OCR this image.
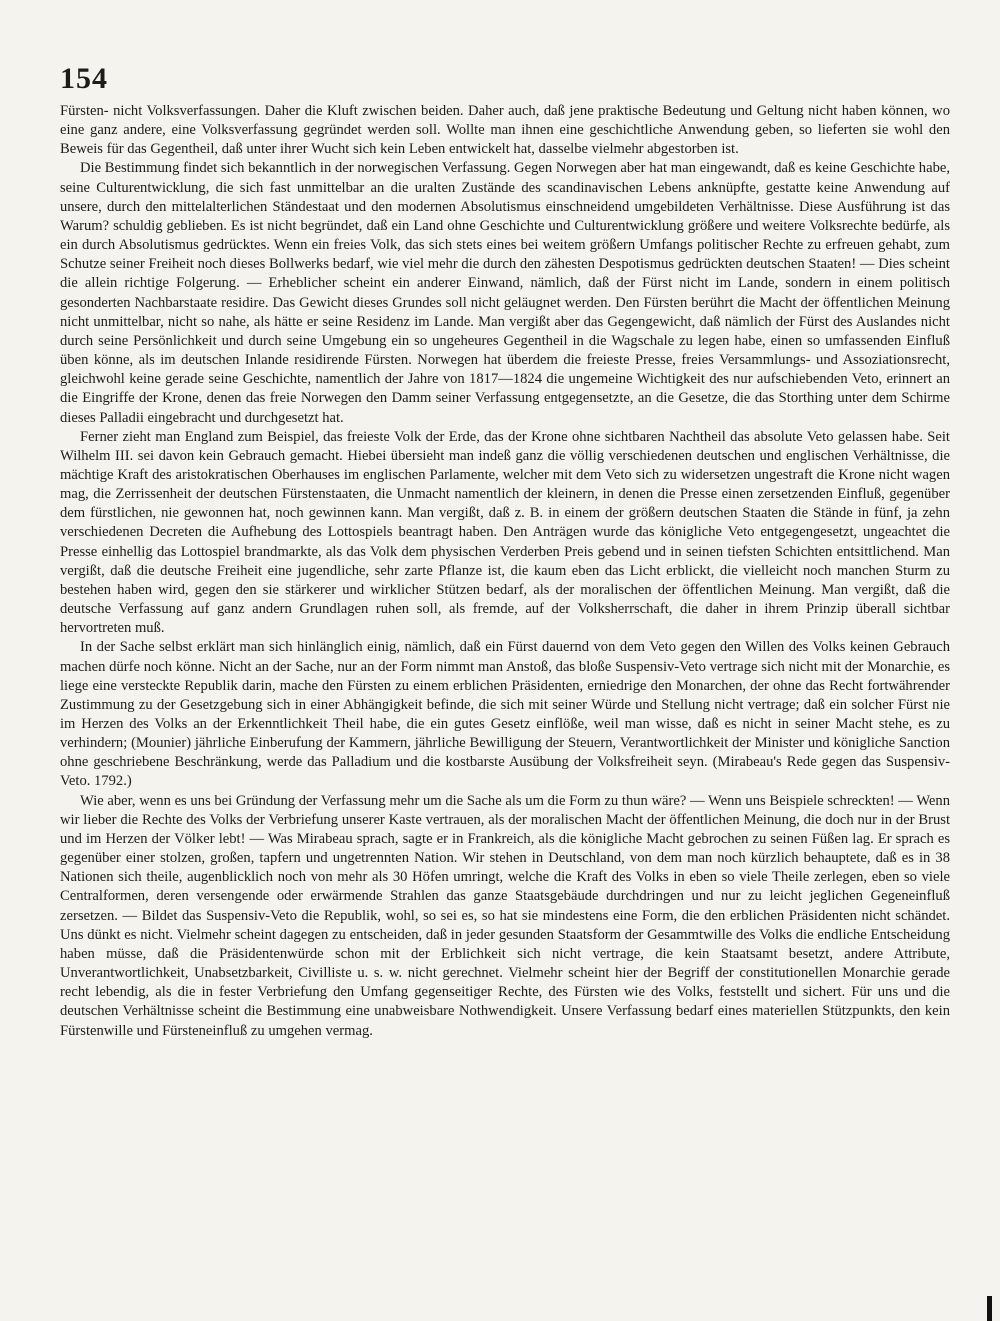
154

Fürsten- nicht Volksverfassungen. Daher die Kluft zwischen beiden. Daher auch, daß jene praktische Bedeutung und Geltung nicht haben können, wo eine ganz andere, eine Volksverfassung gegründet werden soll. Wollte man ihnen eine geschichtliche Anwendung geben, so lieferten sie wohl den Beweis für das Gegentheil, daß unter ihrer Wucht sich kein Leben entwickelt hat, dasselbe vielmehr abgestorben ist.

Die Bestimmung findet sich bekanntlich in der norwegischen Verfassung. Gegen Norwegen aber hat man eingewandt, daß es keine Geschichte habe, seine Culturentwicklung, die sich fast unmittelbar an die uralten Zustände des scandinavischen Lebens anknüpfte, gestatte keine Anwendung auf unsere, durch den mittelalterlichen Ständestaat und den modernen Absolutismus einschneidend umgebildeten Verhältnisse. Diese Ausführung ist das Warum? schuldig geblieben. Es ist nicht begründet, daß ein Land ohne Geschichte und Culturentwicklung größere und weitere Volksrechte bedürfe, als ein durch Absolutismus gedrücktes. Wenn ein freies Volk, das sich stets eines bei weitem größern Umfangs politischer Rechte zu erfreuen gehabt, zum Schutze seiner Freiheit noch dieses Bollwerks bedarf, wie viel mehr die durch den zähesten Despotismus gedrückten deutschen Staaten! — Dies scheint die allein richtige Folgerung. — Erheblicher scheint ein anderer Einwand, nämlich, daß der Fürst nicht im Lande, sondern in einem politisch gesonderten Nachbarstaate residire. Das Gewicht dieses Grundes soll nicht geläugnet werden. Den Fürsten berührt die Macht der öffentlichen Meinung nicht unmittelbar, nicht so nahe, als hätte er seine Residenz im Lande. Man vergißt aber das Gegengewicht, daß nämlich der Fürst des Auslandes nicht durch seine Persönlichkeit und durch seine Umgebung ein so ungeheures Gegentheil in die Wagschale zu legen habe, einen so umfassenden Einfluß üben könne, als im deutschen Inlande residirende Fürsten. Norwegen hat überdem die freieste Presse, freies Versammlungs- und Assoziationsrecht, gleichwohl keine gerade seine Geschichte, namentlich der Jahre von 1817—1824 die ungemeine Wichtigkeit des nur aufschiebenden Veto, erinnert an die Eingriffe der Krone, denen das freie Norwegen den Damm seiner Verfassung entgegensetzte, an die Gesetze, die das Storthing unter dem Schirme dieses Palladii eingebracht und durchgesetzt hat.

Ferner zieht man England zum Beispiel, das freieste Volk der Erde, das der Krone ohne sichtbaren Nachtheil das absolute Veto gelassen habe. Seit Wilhelm III. sei davon kein Gebrauch gemacht. Hiebei übersieht man indeß ganz die völlig verschiedenen deutschen und englischen Verhältnisse, die mächtige Kraft des aristokratischen Oberhauses im englischen Parlamente, welcher mit dem Veto sich zu widersetzen ungestraft die Krone nicht wagen mag, die Zerrissenheit der deutschen Fürstenstaaten, die Unmacht namentlich der kleinern, in denen die Presse einen zersetzenden Einfluß, gegenüber dem fürstlichen, nie gewonnen hat, noch gewinnen kann. Man vergißt, daß z. B. in einem der größern deutschen Staaten die Stände in fünf, ja zehn verschiedenen Decreten die Aufhebung des Lottospiels beantragt haben. Den Anträgen wurde das königliche Veto entgegengesetzt, ungeachtet die Presse einhellig das Lottospiel brandmarkte, als das Volk dem physischen Verderben Preis gebend und in seinen tiefsten Schichten entsittlichend. Man vergißt, daß die deutsche Freiheit eine jugendliche, sehr zarte Pflanze ist, die kaum eben das Licht erblickt, die vielleicht noch manchen Sturm zu bestehen haben wird, gegen den sie stärkerer und wirklicher Stützen bedarf, als der moralischen der öffentlichen Meinung. Man vergißt, daß die deutsche Verfassung auf ganz andern Grundlagen ruhen soll, als fremde, auf der Volksherrschaft, die daher in ihrem Prinzip überall sichtbar hervortreten muß.

In der Sache selbst erklärt man sich hinlänglich einig, nämlich, daß ein Fürst dauernd von dem Veto gegen den Willen des Volks keinen Gebrauch machen dürfe noch könne. Nicht an der Sache, nur an der Form nimmt man Anstoß, das bloße Suspensiv-Veto vertrage sich nicht mit der Monarchie, es liege eine versteckte Republik darin, mache den Fürsten zu einem erblichen Präsidenten, erniedrige den Monarchen, der ohne das Recht fortwährender Zustimmung zu der Gesetzgebung sich in einer Abhängigkeit befinde, die sich mit seiner Würde und Stellung nicht vertrage; daß ein solcher Fürst nie im Herzen des Volks an der Erkenntlichkeit Theil habe, die ein gutes Gesetz einflöße, weil man wisse, daß es nicht in seiner Macht stehe, es zu verhindern; (Mounier) jährliche Einberufung der Kammern, jährliche Bewilligung der Steuern, Verantwortlichkeit der Minister und königliche Sanction ohne geschriebene Beschränkung, werde das Palladium und die kostbarste Ausübung der Volksfreiheit seyn. (Mirabeau's Rede gegen das Suspensiv-Veto. 1792.)

Wie aber, wenn es uns bei Gründung der Verfassung mehr um die Sache als um die Form zu thun wäre? — Wenn uns Beispiele schreckten! — Wenn wir lieber die Rechte des Volks der Verbriefung unserer Kaste vertrauen, als der moralischen Macht der öffentlichen Meinung, die doch nur in der Brust und im Herzen der Völker lebt! — Was Mirabeau sprach, sagte er in Frankreich, als die königliche Macht gebrochen zu seinen Füßen lag. Er sprach es gegenüber einer stolzen, großen, tapfern und ungetrennten Nation. Wir stehen in Deutschland, von dem man noch kürzlich behauptete, daß es in 38 Nationen sich theile, augenblicklich noch von mehr als 30 Höfen umringt, welche die Kraft des Volks in eben so viele Theile zerlegen, eben so viele Centralformen, deren versengende oder erwärmende Strahlen das ganze Staatsgebäude durchdringen und nur zu leicht jeglichen Gegeneinfluß zersetzen. — Bildet das Suspensiv-Veto die Republik, wohl, so sei es, so hat sie mindestens eine Form, die den erblichen Präsidenten nicht schändet. Uns dünkt es nicht. Vielmehr scheint dagegen zu entscheiden, daß in jeder gesunden Staatsform der Gesammtwille des Volks die endliche Entscheidung haben müsse, daß die Präsidentenwürde schon mit der Erblichkeit sich nicht vertrage, die kein Staatsamt besetzt, andere Attribute, Unverantwortlichkeit, Unabsetzbarkeit, Civilliste u. s. w. nicht gerechnet. Vielmehr scheint hier der Begriff der constitutionellen Monarchie gerade recht lebendig, als die in fester Verbriefung den Umfang gegenseitiger Rechte, des Fürsten wie des Volks, feststellt und sichert. Für uns und die deutschen Verhältnisse scheint die Bestimmung eine unabweisbare Nothwendigkeit. Unsere Verfassung bedarf eines materiellen Stützpunkts, den kein Fürstenwille und Fürsteneinfluß zu umgehen vermag.
